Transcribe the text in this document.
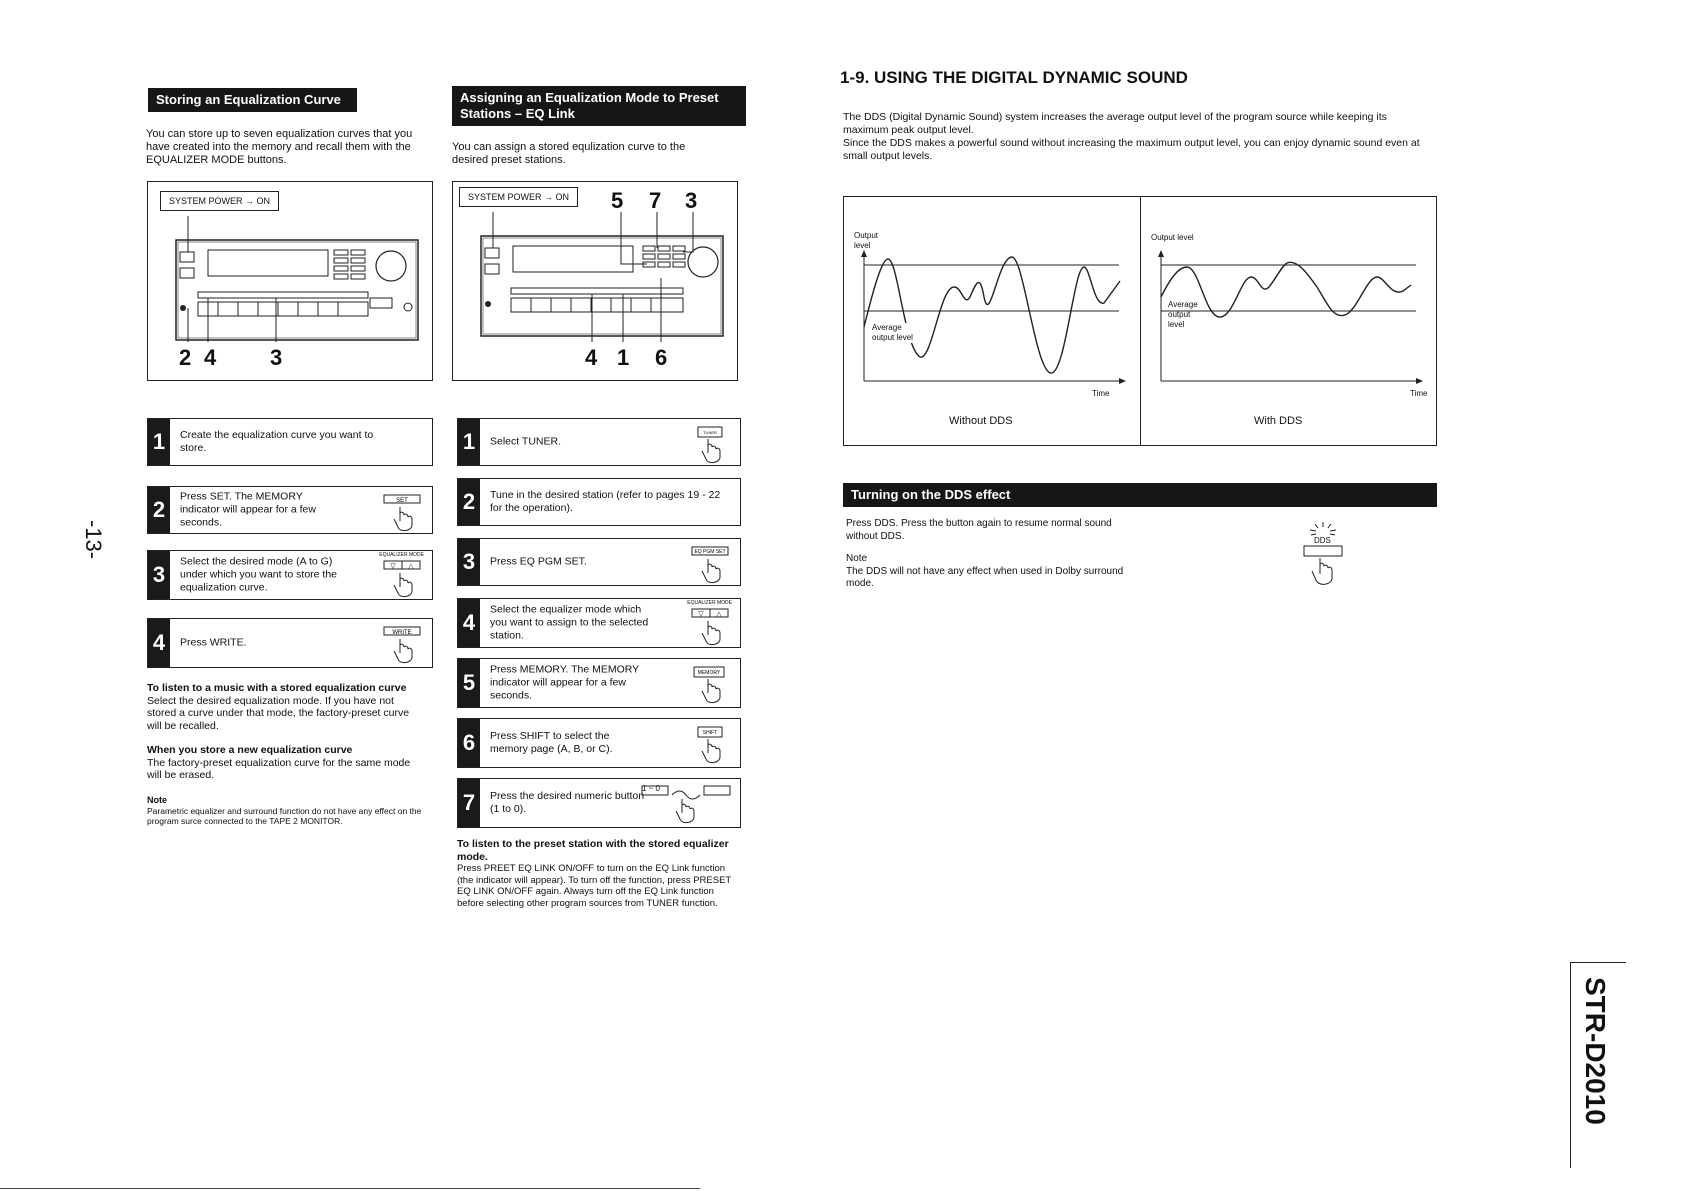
-13-
STR-D2010
Storing an Equalization Curve
You can store up to seven equalization curves that you have created into the memory and recall them with the EQUALIZER MODE buttons.
SYSTEM POWER → ON
2 4 3
1	Create the equalization curve you want to store.
2
Press SET. The MEMORY indicator will appear for a few seconds.
SET
3
Select the desired mode (A to G) under which you want to store the equalization curve.
EQUALIZER MODE
▽ △
4	Press WRITE.
WRITE
To listen to a music with a stored equalization curve
Select the desired equalization mode. If you have not stored a curve under that mode, the factory-preset curve will be recalled.
When you store a new equalization curve
The factory-preset equalization curve for the same mode will be erased.
Note
Parametric equalizer and surround function do not have any effect on the program surce connected to the TAPE 2 MONITOR.
Assigning an Equalization Mode to Preset
Stations – EQ Link
You can assign a stored equlization curve to the desired preset stations.
SYSTEM POWER → ON	5 7 3
4 1 6
1	Select TUNER.
TUNER
2	Tune in the desired station (refer to pages 19 - 22 for the operation).
3	Press EQ PGM SET.
EQ PGM SET
4
Select the equalizer mode which you want to assign to the selected station.
EQUALIZER MODE
▽ △
5
Press MEMORY. The MEMORY indicator will appear for a few seconds.
MEMORY
6	Press SHIFT to select the memory page (A, B, or C).
SHIFT
7	Press the desired numeric button (1 to 0).
1 ~ 0
To listen to the preset station with the stored equalizer mode.
Press PREET EQ LINK ON/OFF to turn on the EQ Link function (the indicator will appear). To turn off the function, press PRESET EQ LINK ON/OFF again. Always turn off the EQ Link function before selecting other program sources from TUNER function.
1-9. USING THE DIGITAL DYNAMIC SOUND
The DDS (Digital Dynamic Sound) system increases the average output level of the program source while keeping its maximum peak output level.
Since the DDS makes a powerful sound without increasing the maximum output level, you can enjoy dynamic sound even at small output levels.
Output level
Average output level
Time
Without DDS
Output level
Average output level
Time
With DDS
Turning on the DDS effect
Press DDS. Press the button again to resume normal sound without DDS.
Note
The DDS will not have any effect when used in Dolby surround mode.
DDS
